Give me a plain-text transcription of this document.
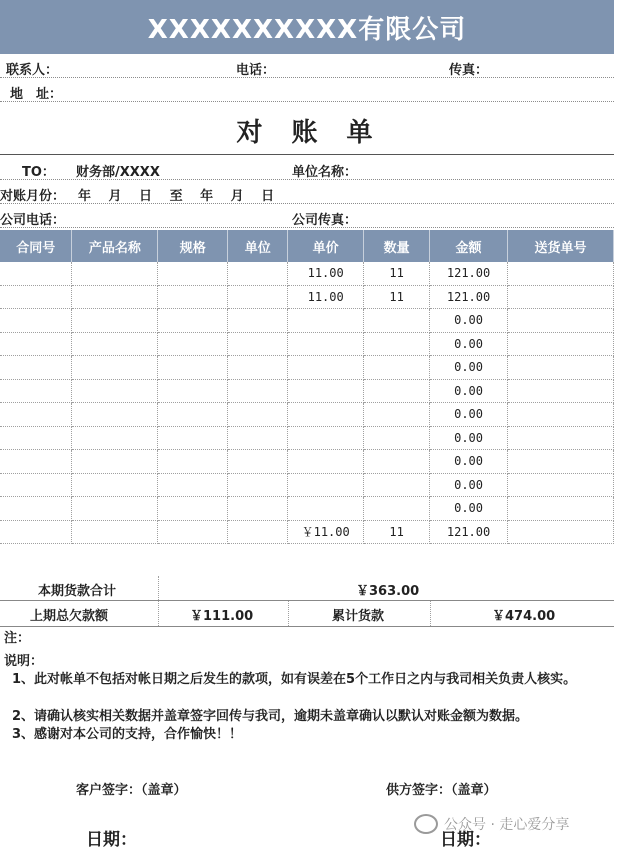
XXXXXXXXXX有限公司
联系人：	电话：	传真：
地　址：
对 账 单
TO： 财务部/XXXX	单位名称：
对账月份： 年　 月　 日　 至　 年　 月　 日
公司电话：	公司传真：
合同号	产品名称	规格	单位	单价	数量	金额	送货单号
				11.00	11	121.00	
				11.00	11	121.00	
						0.00	
						0.00	
						0.00	
						0.00	
						0.00	
						0.00	
						0.00	
						0.00	
						0.00	
				￥11.00	11	121.00	
本期货款合计	￥363.00
上期总欠款额	￥111.00	累计货款	￥474.00
注：
说明：
1、此对帐单不包括对帐日期之后发生的款项，如有误差在5个工作日之内与我司相关负责人核实。
2、请确认核实相关数据并盖章签字回传与我司，逾期未盖章确认以默认对账金额为数据。
3、感谢对本公司的支持，合作愉快！！
客户签字：（盖章）	供方签字：（盖章）
日期：	日期：
公众号 · 走心爱分享
